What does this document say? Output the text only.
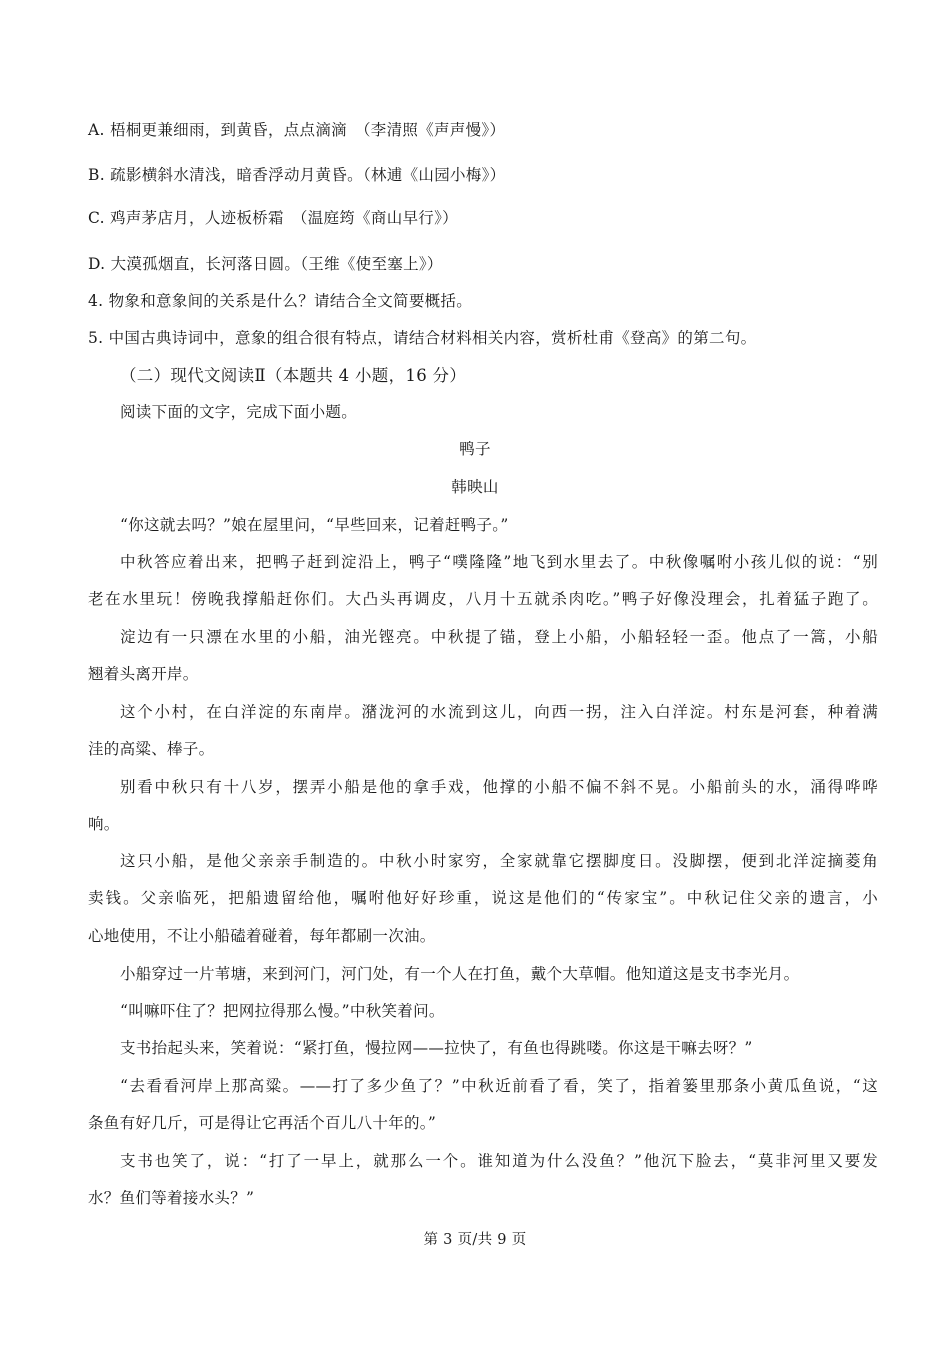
A. 梧桐更兼细雨，到黄昏，点点滴滴　（李清照《声声慢》）
B. 疏影横斜水清浅，暗香浮动月黄昏。（林逋《山园小梅》）
C. 鸡声茅店月，人迹板桥霜　（温庭筠《商山早行》）
D. 大漠孤烟直，长河落日圆。（王维《使至塞上》）
4. 物象和意象间的关系是什么？请结合全文简要概括。
5. 中国古典诗词中，意象的组合很有特点，请结合材料相关内容，赏析杜甫《登高》的第二句。
（二）现代文阅读Ⅱ（本题共 4 小题，16 分）
阅读下面的文字，完成下面小题。
鸭子
韩映山
“你这就去吗？”娘在屋里问，“早些回来，记着赶鸭子。”
中秋答应着出来，把鸭子赶到淀沿上，鸭子“噗隆隆”地飞到水里去了。中秋像嘱咐小孩儿似的说：“别
老在水里玩！傍晚我撑船赶你们。大凸头再调皮，八月十五就杀肉吃。”鸭子好像没理会，扎着猛子跑了。
淀边有一只漂在水里的小船，油光铿亮。中秋提了锚，登上小船，小船轻轻一歪。他点了一篙，小船
翘着头离开岸。
这个小村，在白洋淀的东南岸。潴泷河的水流到这儿，向西一拐，注入白洋淀。村东是河套，种着满
洼的高粱、棒子。
别看中秋只有十八岁，摆弄小船是他的拿手戏，他撑的小船不偏不斜不晃。小船前头的水，涌得哗哗
响。
这只小船，是他父亲亲手制造的。中秋小时家穷，全家就靠它摆脚度日。没脚摆，便到北洋淀摘菱角
卖钱。父亲临死，把船遗留给他，嘱咐他好好珍重，说这是他们的“传家宝”。中秋记住父亲的遗言，小
心地使用，不让小船磕着碰着，每年都刷一次油。
小船穿过一片苇塘，来到河门，河门处，有一个人在打鱼，戴个大草帽。他知道这是支书李光月。
“叫嘛吓住了？把网拉得那么慢。”中秋笑着问。
支书抬起头来，笑着说：“紧打鱼，慢拉网——拉快了，有鱼也得跳喽。你这是干嘛去呀？”
“去看看河岸上那高粱。——打了多少鱼了？”中秋近前看了看，笑了，指着篓里那条小黄瓜鱼说，“这
条鱼有好几斤，可是得让它再活个百儿八十年的。”
支书也笑了，说：“打了一早上，就那么一个。谁知道为什么没鱼？”他沉下脸去，“莫非河里又要发
水？鱼们等着接水头？”
第 3 页/共 9 页
